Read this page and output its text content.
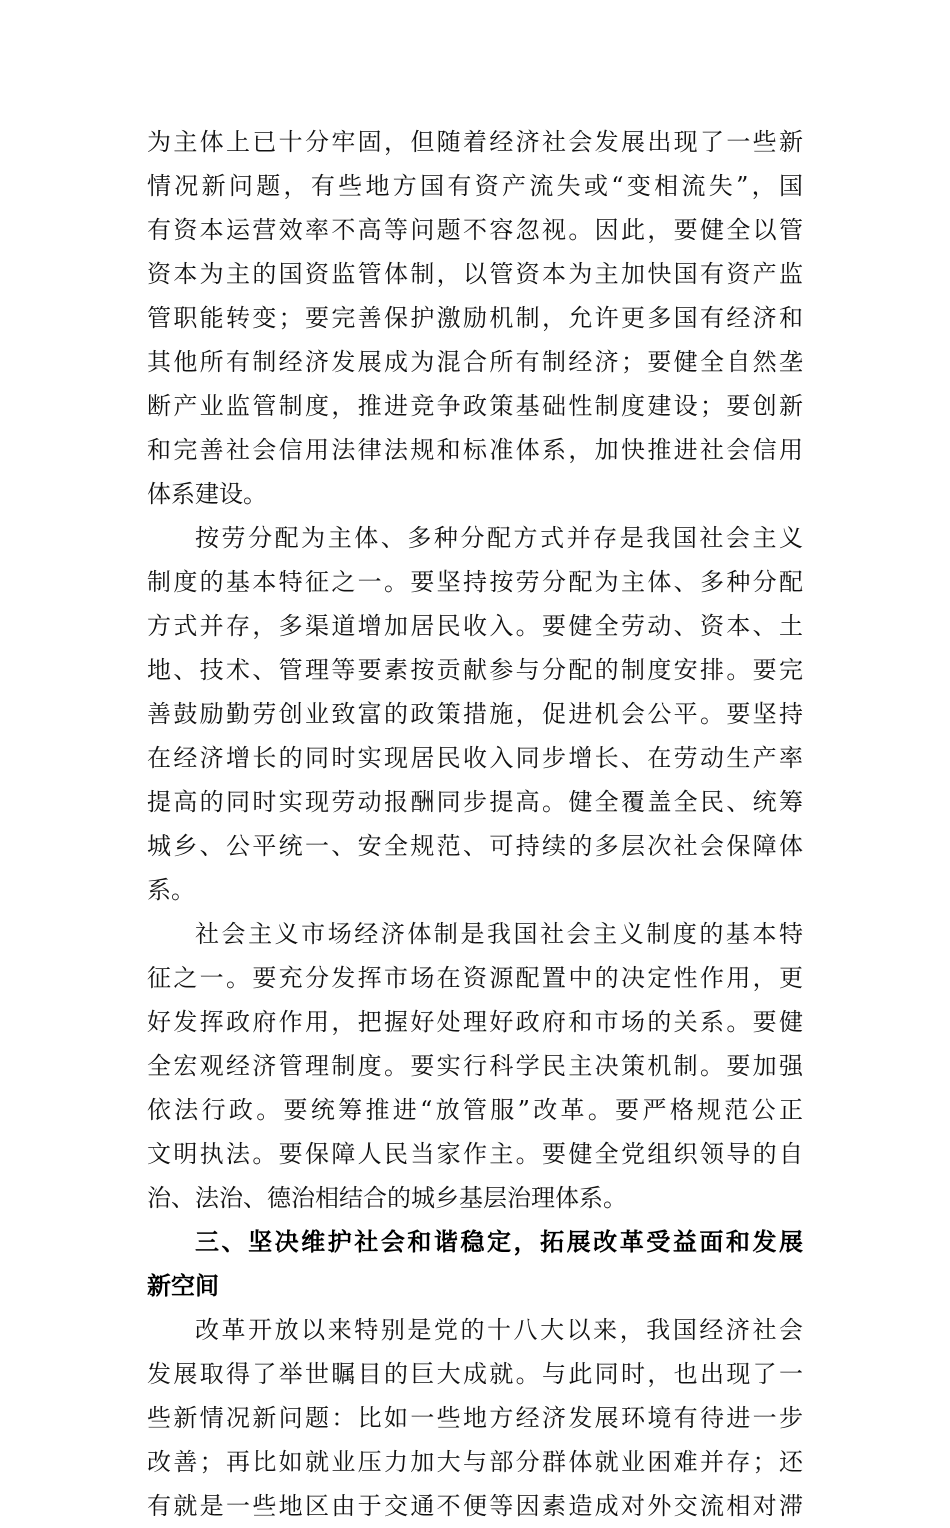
为主体上已十分牢固，但随着经济社会发展出现了一些新
情况新问题，有些地方国有资产流失或“变相流失”，国
有资本运营效率不高等问题不容忽视。因此，要健全以管
资本为主的国资监管体制，以管资本为主加快国有资产监
管职能转变；要完善保护激励机制，允许更多国有经济和
其他所有制经济发展成为混合所有制经济；要健全自然垄
断产业监管制度，推进竞争政策基础性制度建设；要创新
和完善社会信用法律法规和标准体系，加快推进社会信用
体系建设。
按劳分配为主体、多种分配方式并存是我国社会主义
制度的基本特征之一。要坚持按劳分配为主体、多种分配
方式并存，多渠道增加居民收入。要健全劳动、资本、土
地、技术、管理等要素按贡献参与分配的制度安排。要完
善鼓励勤劳创业致富的政策措施，促进机会公平。要坚持
在经济增长的同时实现居民收入同步增长、在劳动生产率
提高的同时实现劳动报酬同步提高。健全覆盖全民、统筹
城乡、公平统一、安全规范、可持续的多层次社会保障体
系。
社会主义市场经济体制是我国社会主义制度的基本特
征之一。要充分发挥市场在资源配置中的决定性作用，更
好发挥政府作用，把握好处理好政府和市场的关系。要健
全宏观经济管理制度。要实行科学民主决策机制。要加强
依法行政。要统筹推进“放管服”改革。要严格规范公正
文明执法。要保障人民当家作主。要健全党组织领导的自
治、法治、德治相结合的城乡基层治理体系。
三、坚决维护社会和谐稳定，拓展改革受益面和发展
新空间
改革开放以来特别是党的十八大以来，我国经济社会
发展取得了举世瞩目的巨大成就。与此同时，也出现了一
些新情况新问题：比如一些地方经济发展环境有待进一步
改善；再比如就业压力加大与部分群体就业困难并存；还
有就是一些地区由于交通不便等因素造成对外交流相对滞
